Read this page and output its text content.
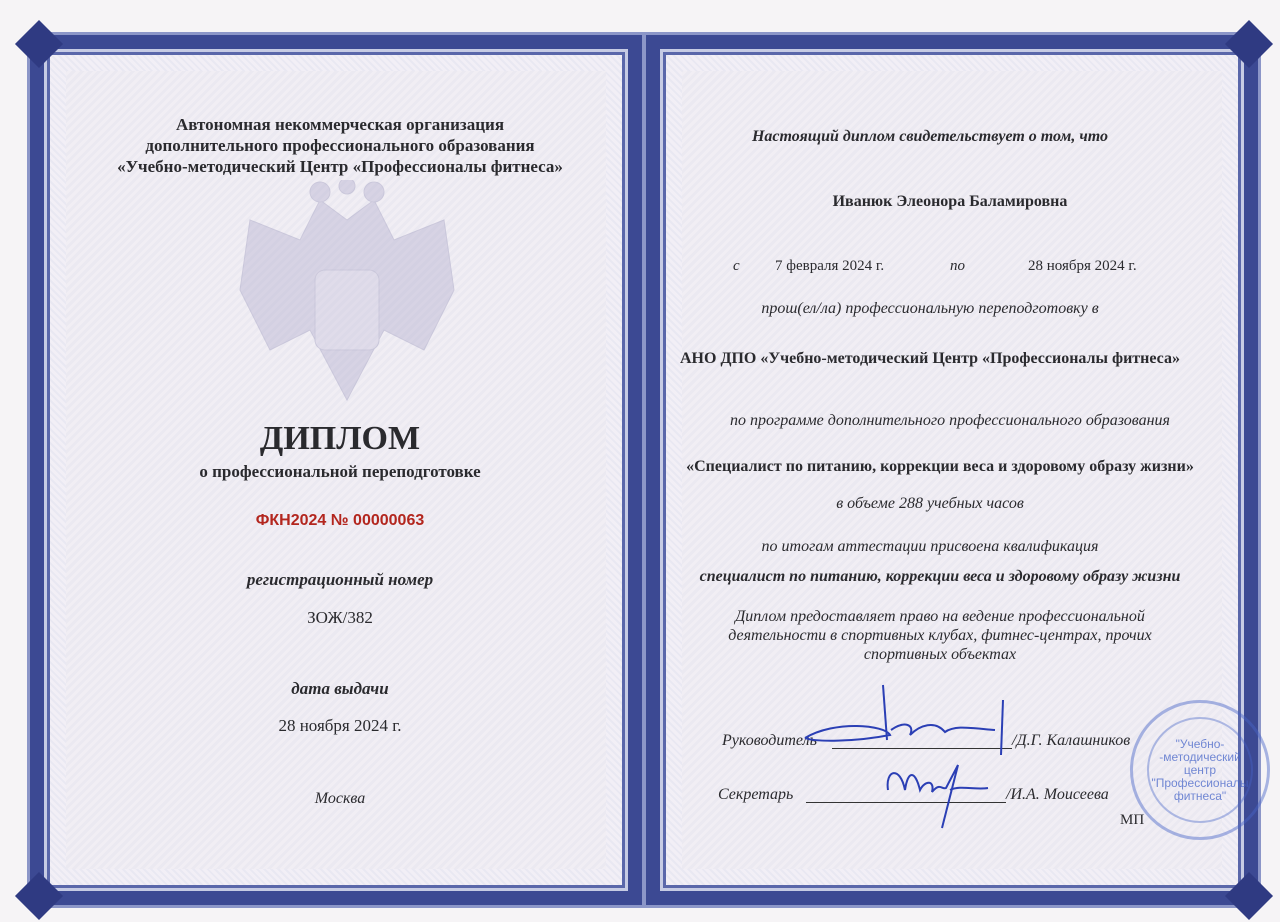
Автономная некоммерческая организация
дополнительного профессионального образования
«Учебно-методический Центр «Профессионалы фитнеса»
ДИПЛОМ
о профессиональной переподготовке
ФКН2024 № 00000063
регистрационный номер
ЗОЖ/382
дата выдачи
28 ноября 2024 г.
Москва
Настоящий диплом свидетельствует о том, что
Иванюк Элеонора Баламировна
с 7 февраля 2024 г.	по	28 ноября 2024 г.
прош(ел/ла) профессиональную переподготовку в
АНО ДПО «Учебно-методический Центр «Профессионалы фитнеса»
по программе дополнительного профессионального образования
«Специалист по питанию, коррекции веса и здоровому образу жизни»
в объеме 288 учебных часов
по итогам аттестации присвоена квалификация
специалист по питанию, коррекции веса и здоровому образу жизни
Диплом предоставляет право на ведение профессиональной
деятельности в спортивных клубах, фитнес-центрах, прочих
спортивных объектах
Руководитель	/Д.Г. Калашников
Секретарь	/И.А. Моисеева
МП
"Учебно- -методический центр "Профессионалы фитнеса"
